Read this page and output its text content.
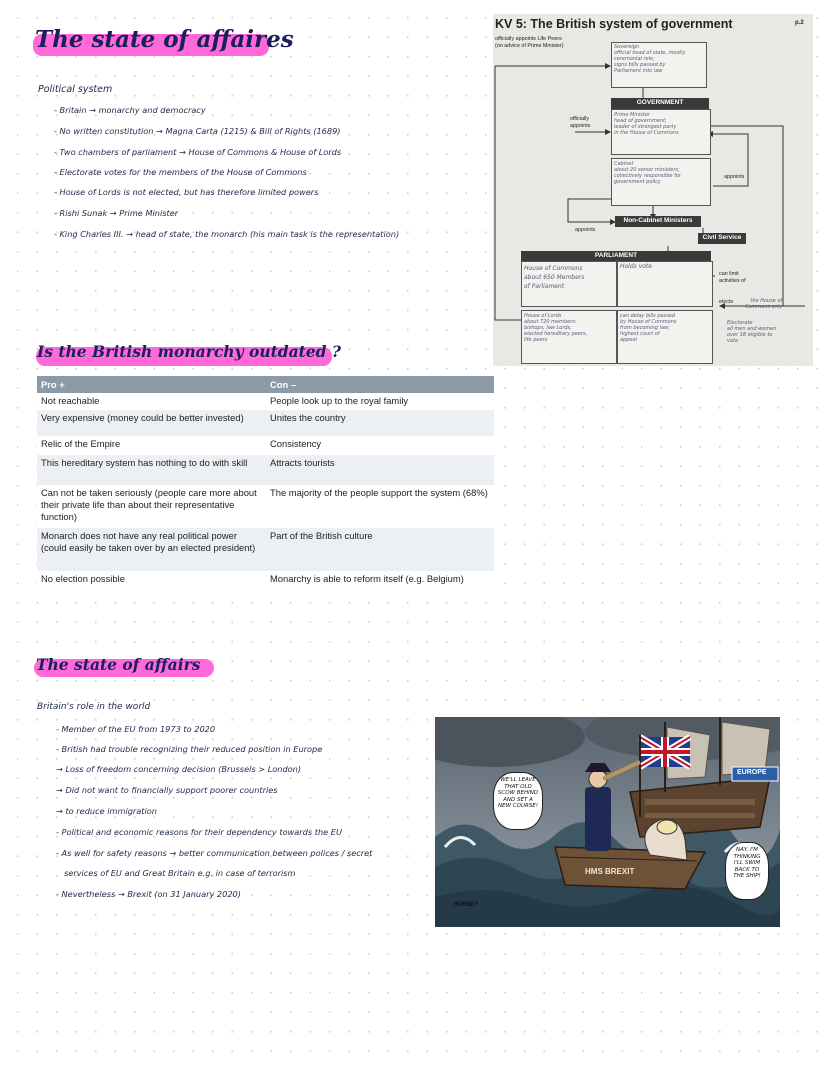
The state of affaires
Political system
- Britain → monarchy and democracy
- No written constitution → Magna Carta (1215) & Bill of Rights (1689)
- Two chambers of parliament → House of Commons & House of Lords
- Electorate votes for the members of the House of Commons
- House of Lords is not elected, but has therefore limited powers
- Rishi Sunak → Prime Minister
- King Charles III. → head of state, the monarch (his main task is the representation)
KV 5: The British system of government	p.2
officially appoints Life Peers
(on advice of Prime Minister)	Sovereign
official head of state, mostly
ceremonial role;
signs bills passed by
Parliament into law
officially
appoints
GOVERNMENT
Prime Minister
head of government;
leader of strongest party
in the House of Commons
Cabinet
about 20 senior ministers;
collectively responsible for
government policy
appoints
Non-Cabinet Ministers
appoints
Civil Service
PARLIAMENT
House of Commons
about 650 Members
of Parliament
Holds vote
can limit
activities of
House of Lords
about 720 members:
bishops, law Lords,
elected hereditary peers,
life peers
can delay bills passed
by House of Commons
from becoming law;
highest court of
appeal
elects	the House of
Commons only
Electorate
all men and women
over 18 eligible to
vote
Is the British monarchy outdated ?
Pro +	Con –
Not reachable	People look up to the royal family
Very expensive (money could be better invested)	Unites the country
Relic of the Empire	Consistency
This hereditary system has nothing to do with skill	Attracts tourists
Can not be taken seriously (people care more about their private life than about their representative function)	The majority of the people support the system (68%)
Monarch does not have any real political power (could easily be taken over by an elected president)	Part of the British culture
No election possible	Monarchy is able to reform itself (e.g. Belgium)
The state of affairs
Britain's role in the world
- Member of the EU from 1973 to 2020
- British had trouble recognizing their reduced position in Europe
→ Loss of freedom concerning decision (Brussels > London)
→ Did not want to financially support poorer countries
→ to reduce immigration
- Political and economic reasons for their dependency towards the EU
- As well for safety reasons → better communication between polices / secret
services of EU and Great Britain e.g. in case of terrorism
- Nevertheless → Brexit (on 31 January 2020)
WE'LL LEAVE
THAT OLD
SCOW BEHIND
AND SET A
NEW COURSE!
NAY, I'M
THINKING
I'LL SWIM
BACK TO
THE SHIP!
EUROPE
HMS BREXIT
HORSEY
